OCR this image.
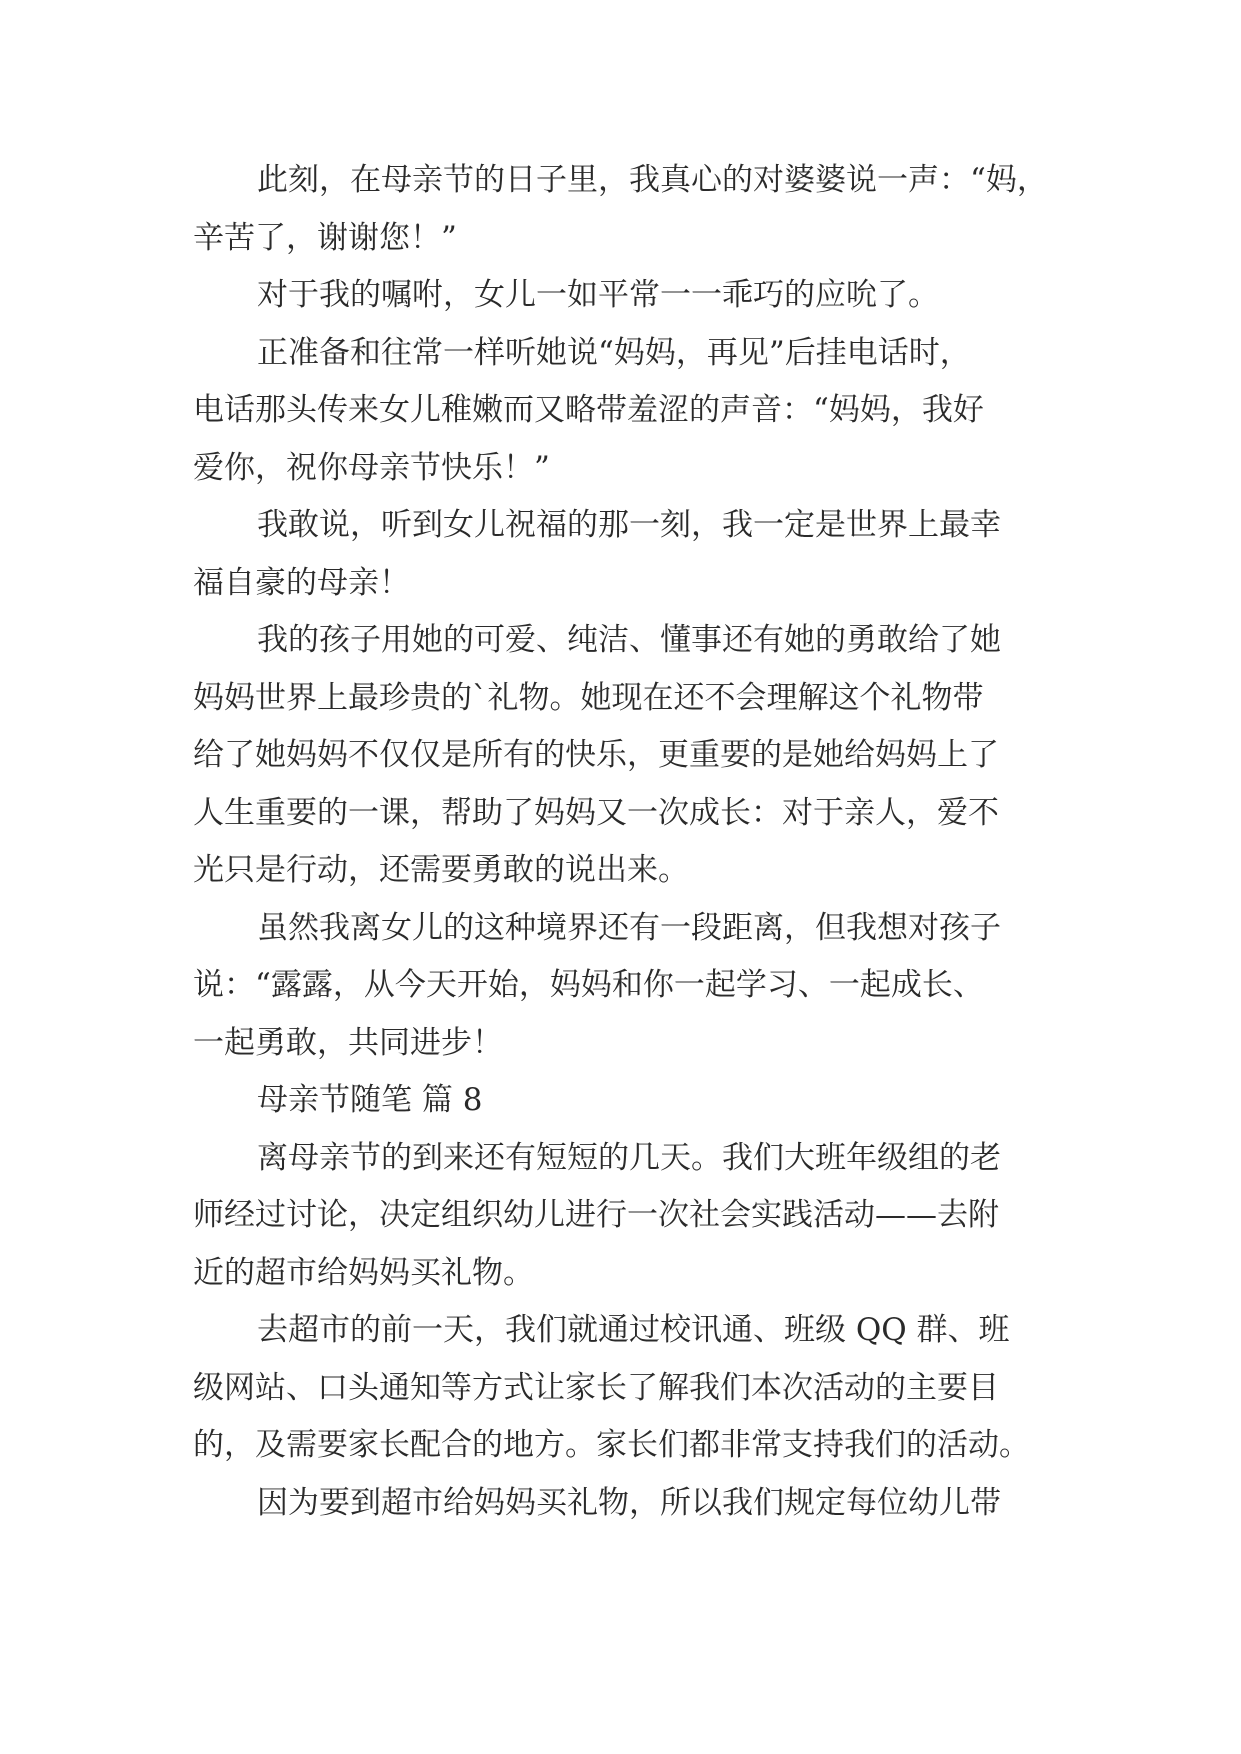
此刻，在母亲节的日子里，我真心的对婆婆说一声：“妈，
辛苦了，谢谢您！”
对于我的嘱咐，女儿一如平常一一乖巧的应吮了。
正准备和往常一样听她说“妈妈，再见”后挂电话时，
电话那头传来女儿稚嫩而又略带羞涩的声音：“妈妈，我好
爱你，祝你母亲节快乐！”
我敢说，听到女儿祝福的那一刻，我一定是世界上最幸
福自豪的母亲！
我的孩子用她的可爱、纯洁、懂事还有她的勇敢给了她
妈妈世界上最珍贵的`礼物。她现在还不会理解这个礼物带
给了她妈妈不仅仅是所有的快乐，更重要的是她给妈妈上了
人生重要的一课，帮助了妈妈又一次成长：对于亲人，爱不
光只是行动，还需要勇敢的说出来。
虽然我离女儿的这种境界还有一段距离，但我想对孩子
说：“露露，从今天开始，妈妈和你一起学习、一起成长、
一起勇敢，共同进步！
母亲节随笔 篇 8
离母亲节的到来还有短短的几天。我们大班年级组的老
师经过讨论，决定组织幼儿进行一次社会实践活动——去附
近的超市给妈妈买礼物。
去超市的前一天，我们就通过校讯通、班级 QQ 群、班
级网站、口头通知等方式让家长了解我们本次活动的主要目
的，及需要家长配合的地方。家长们都非常支持我们的活动。
因为要到超市给妈妈买礼物，所以我们规定每位幼儿带
